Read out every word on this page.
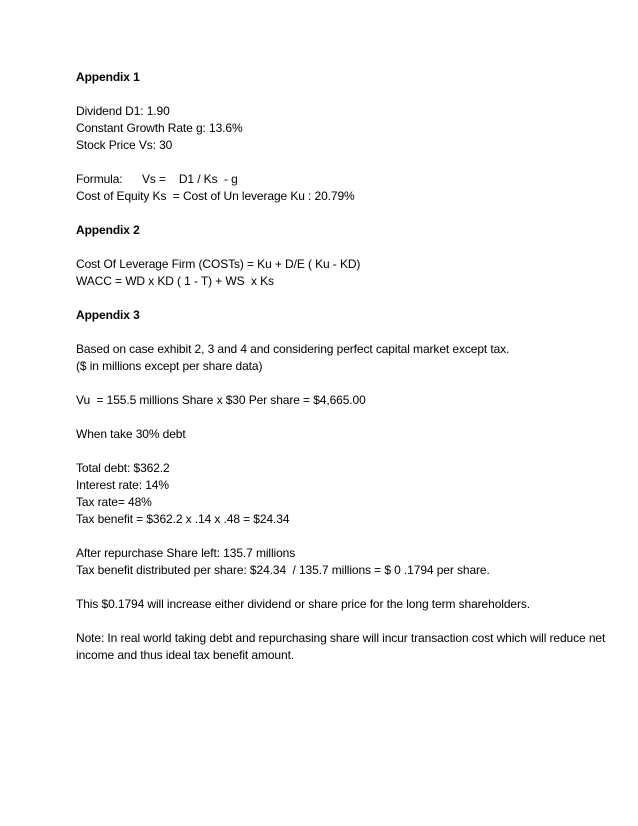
Appendix 1
Dividend D1: 1.90
Constant Growth Rate g: 13.6%
Stock Price Vs: 30
Formula:      Vs =    D1 / Ks  - g
Cost of Equity Ks  = Cost of Un leverage Ku : 20.79%
Appendix 2
Cost Of Leverage Firm (COSTs) = Ku + D/E ( Ku - KD)
WACC = WD x KD ( 1 - T) + WS  x Ks
Appendix 3
Based on case exhibit 2, 3 and 4 and considering perfect capital market except tax.
($ in millions except per share data)
Vu  = 155.5 millions Share x $30 Per share = $4,665.00
When take 30% debt
Total debt: $362.2
Interest rate: 14%
Tax rate= 48%
Tax benefit = $362.2 x .14 x .48 = $24.34
After repurchase Share left: 135.7 millions
Tax benefit distributed per share: $24.34  / 135.7 millions = $ 0 .1794 per share.
This $0.1794 will increase either dividend or share price for the long term shareholders.
Note: In real world taking debt and repurchasing share will incur transaction cost which will reduce net income and thus ideal tax benefit amount.
